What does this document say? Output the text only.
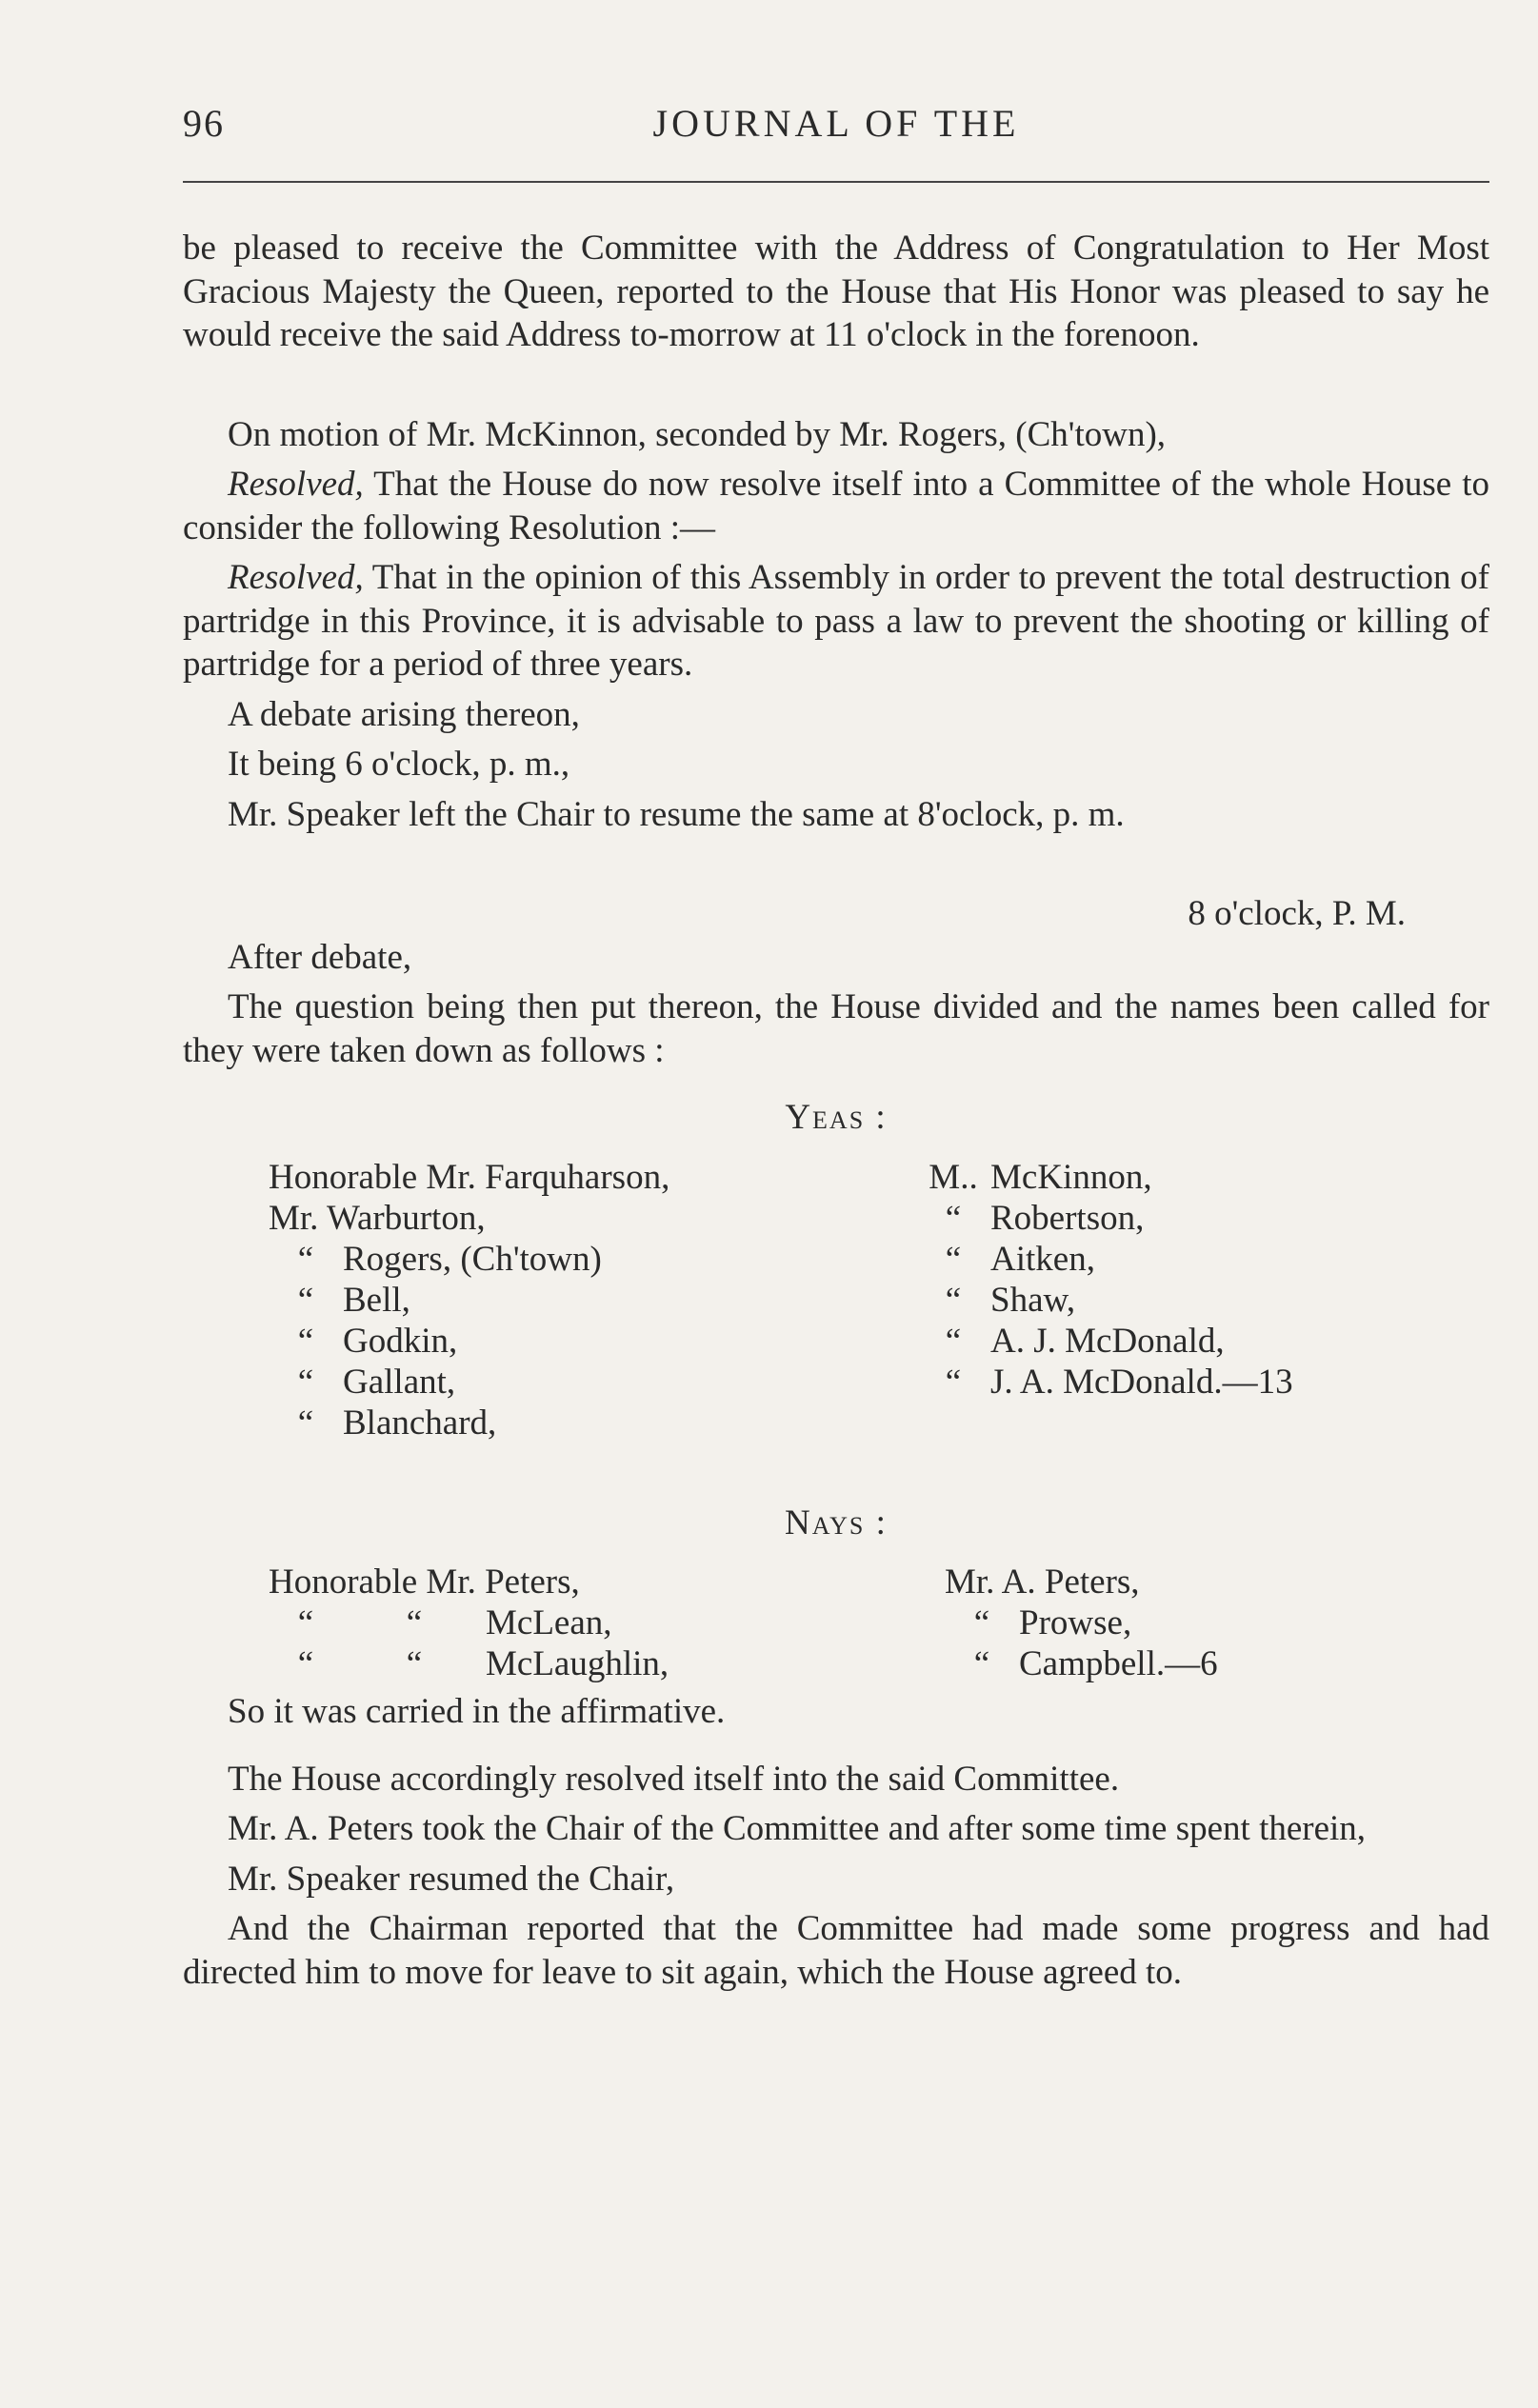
96	JOURNAL OF THE

be pleased to receive the Committee with the Address of Congratulation to Her Most Gracious Majesty the Queen, reported to the House that His Honor was pleased to say he would receive the said Address to-morrow at 11 o'clock in the forenoon.

On motion of Mr. McKinnon, seconded by Mr. Rogers, (Ch'town),

Resolved, That the House do now resolve itself into a Committee of the whole House to consider the following Resolution :—

Resolved, That in the opinion of this Assembly in order to prevent the total destruction of partridge in this Province, it is advisable to pass a law to prevent the shooting or killing of partridge for a period of three years.

A debate arising thereon,

It being 6 o'clock, p. m.,

Mr. Speaker left the Chair to resume the same at 8'oclock, p. m.

8 o'clock, P. M.

After debate,

The question being then put thereon, the House divided and the names been called for they were taken down as follows :

Yeas :

Honorable Mr. Farquharson,
Mr. Warburton,
“ Rogers, (Ch'town)
“ Bell,
“ Godkin,
“ Gallant,
“ Blanchard,
M.. McKinnon,
“ Robertson,
“ Aitken,
“ Shaw,
“ A. J. McDonald,
“ J. A. McDonald.—13

Nays :

Honorable Mr. Peters,
“	“ McLean,
“	“ McLaughlin,
Mr. A. Peters,
“ Prowse,
“ Campbell.—6

So it was carried in the affirmative.

The House accordingly resolved itself into the said Committee.

Mr. A. Peters took the Chair of the Committee and after some time spent therein,

Mr. Speaker resumed the Chair,

And the Chairman reported that the Committee had made some progress and had directed him to move for leave to sit again, which the House agreed to.
